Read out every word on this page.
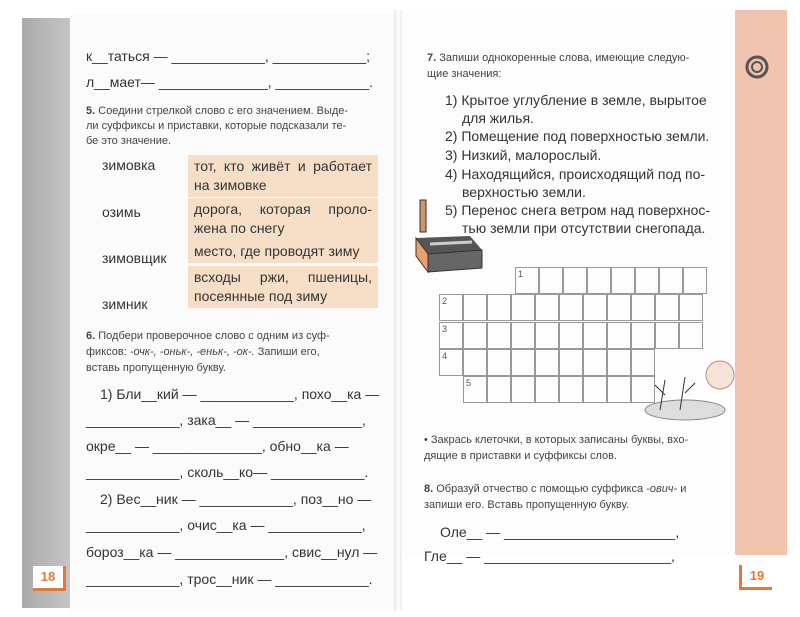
к__таться — ____________, ____________;
л__мает— ______________, ____________.
5. Соедини стрелкой слово с его значением. Выде-
ли суффиксы и приставки, которые подсказали те-
бе это значение.
зимовка
озимь
зимовщик
зимник
тот, кто живёт и работает на зимовке
дорога, которая проложена по снегу
место, где проводят зиму
всходы ржи, пшеницы, посеянные под зиму
6. Подбери проверочное слово с одним из суф-
фиксов: -очк-, -оньк-, -еньк-, -ок-. Запиши его,
вставь пропущенную букву.
1) Бли__кий — ____________, похо__ка —
____________, зака__ — ______________,
окре__ — ______________, обно__ка —
____________, сколь__ко— ____________.
2) Вес__ник — ____________, поз__но —
____________, очис__ка — ____________,
бороз__ка — ______________, свис__нул —
____________, трос__ник — ____________.
18
7. Запиши однокоренные слова, имеющие следую-
щие значения:
1) Крытое углубление в земле, вырытое
для жилья.
2) Помещение под поверхностью земли.
3) Низкий, малорослый.
4) Находящийся, происходящий под по-
верхностью земли.
5) Перенос снега ветром над поверхнос-
тью земли при отсутствии снегопада.
1
2
3
4
5
• Закрась клеточки, в которых записаны буквы, вхо-
дящие в приставки и суффиксы слов.
8. Образуй отчество с помощью суффикса -ович- и
запиши его. Вставь пропущенную букву.
Оле__ — ______________________,
Гле__ — ________________________,
19
